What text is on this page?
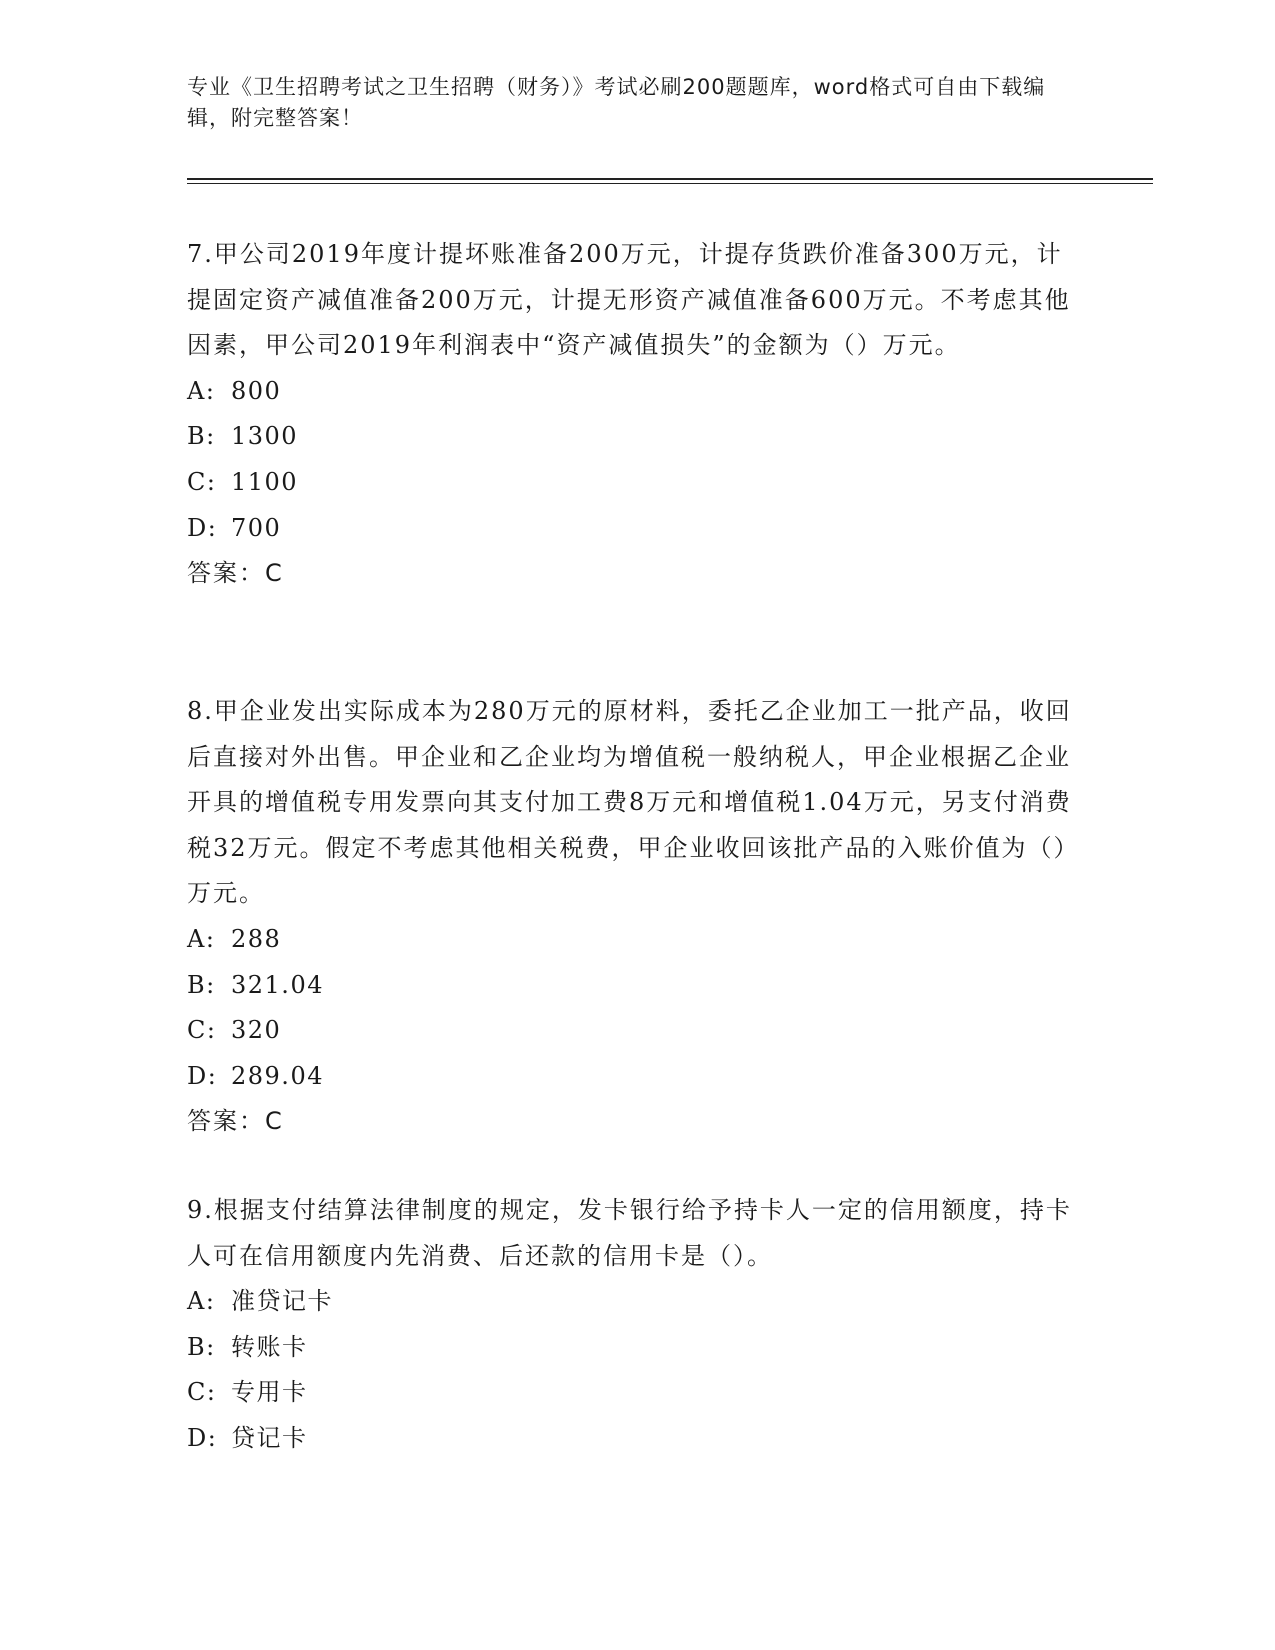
专业《卫生招聘考试之卫生招聘（财务）》考试必刷200题题库，word格式可自由下载编辑，附完整答案！

7.甲公司2019年度计提坏账准备200万元，计提存货跌价准备300万元，计提固定资产减值准备200万元，计提无形资产减值准备600万元。不考虑其他因素，甲公司2019年利润表中“资产减值损失”的金额为（）万元。

A: 800
B: 1300
C: 1100
D: 700
答案：C

8.甲企业发出实际成本为280万元的原材料，委托乙企业加工一批产品，收回后直接对外出售。甲企业和乙企业均为增值税一般纳税人，甲企业根据乙企业开具的增值税专用发票向其支付加工费8万元和增值税1.04万元，另支付消费税32万元。假定不考虑其他相关税费，甲企业收回该批产品的入账价值为（）万元。

A: 288
B: 321.04
C: 320
D: 289.04
答案：C

9.根据支付结算法律制度的规定，发卡银行给予持卡人一定的信用额度，持卡人可在信用额度内先消费、后还款的信用卡是（）。

A: 准贷记卡
B: 转账卡
C: 专用卡
D: 贷记卡
